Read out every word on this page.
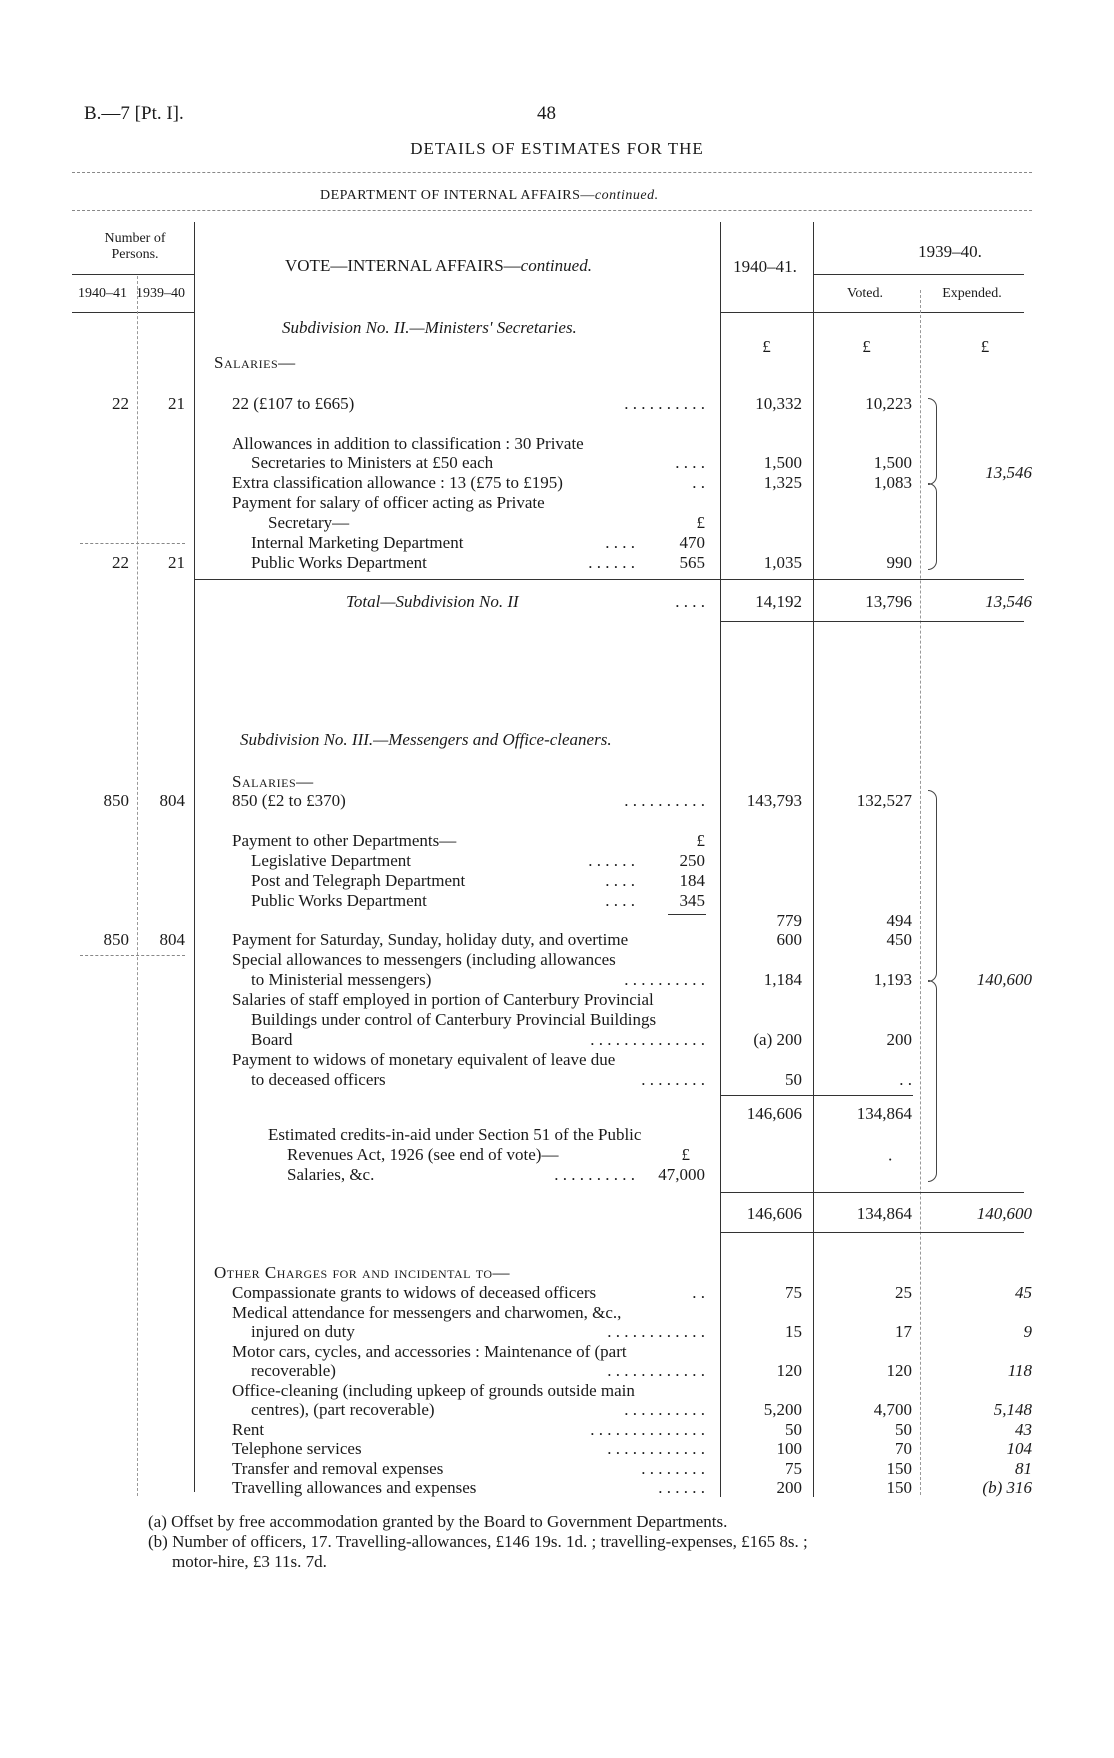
B.—7 [Pt. I].	48
DETAILS OF ESTIMATES FOR THE
DEPARTMENT OF INTERNAL AFFAIRS—continued.
Number of Persons.
1940–41 1939–40
VOTE—INTERNAL AFFAIRS—continued.	1940–41.
1939–40.
Voted.	Expended.
Subdivision No. II.—Ministers' Secretaries.
£	£	£
Salaries—
22	21	22 (£107 to £665)	. . . . . . . . . .	10,332	10,223
Allowances in addition to classification : 30 Private
Secretaries to Ministers at £50 each	. . . .	1,500	1,500
Extra classification allowance : 13 (£75 to £195)	. .	1,325	1,083
Payment for salary of officer acting as Private
Secretary—	£
Internal Marketing Department	. . . .	470
22	21	Public Works Department	. . . . . .	565	1,035	990
13,546
Total—Subdivision No. II	. . . .	14,192	13,796	13,546
Subdivision No. III.—Messengers and Office-cleaners.
Salaries—
850	804	850 (£2 to £370)	. . . . . . . . . .	143,793	132,527
Payment to other Departments—	£
Legislative Department	. . . . . .	250
Post and Telegraph Department	. . . .	184
Public Works Department	. . . .	345
779	494
850	804	Payment for Saturday, Sunday, holiday duty, and overtime	600	450
Special allowances to messengers (including allowances
to Ministerial messengers)	. . . . . . . . . .	1,184	1,193
Salaries of staff employed in portion of Canterbury Provincial
Buildings under control of Canterbury Provincial Buildings
Board	. . . . . . . . . . . . . .	(a) 200	200
Payment to widows of monetary equivalent of leave due
to deceased officers	. . . . . . . .	50	. .
146,606	134,864
Estimated credits-in-aid under Section 51 of the Public
Revenues Act, 1926 (see end of vote)—	£
Salaries, &c.	. . . . . . . . . .	47,000
·
140,600
146,606	134,864	140,600
Other Charges for and incidental to—
Compassionate grants to widows of deceased officers	. .	75	25	45
Medical attendance for messengers and charwomen, &c.,
injured on duty	. . . . . . . . . . . .	15	17	9
Motor cars, cycles, and accessories : Maintenance of (part
recoverable)	. . . . . . . . . . . .	120	120	118
Office-cleaning (including upkeep of grounds outside main
centres), (part recoverable)	. . . . . . . . . .	5,200	4,700	5,148
Rent	. . . . . . . . . . . . . .	50	50	43
Telephone services	. . . . . . . . . . . .	100	70	104
Transfer and removal expenses	. . . . . . . .	75	150	81
Travelling allowances and expenses	. . . . . .	200	150	(b) 316
(a) Offset by free accommodation granted by the Board to Government Departments.
(b) Number of officers, 17. Travelling-allowances, £146 19s. 1d. ; travelling-expenses, £165 8s. ;
motor-hire, £3 11s. 7d.
